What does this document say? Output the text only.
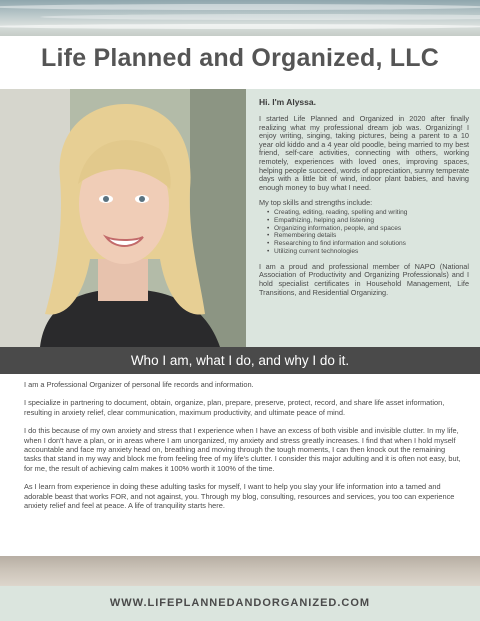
Life Planned and Organized, LLC

Hi. I'm Alyssa.

I started Life Planned and Organized in 2020 after finally realizing what my professional dream job was. Organizing! I enjoy writing, singing, taking pictures, being a parent to a 10 year old kiddo and a 4 year old poodle, being married to my best friend, self-care activities, connecting with others, working remotely, experiences with loved ones, improving spaces, helping people succeed, words of appreciation, sunny temperate days with a little bit of wind, indoor plant babies, and having enough money to buy what I need.

My top skills and strengths include:

• Creating, editing, reading, spelling and writing
• Empathizing, helping and listening
• Organizing information, people, and spaces
• Remembering details
• Researching to find information and solutions
• Utilizing current technologies

I am a proud and professional member of NAPO (National Association of Productivity and Organizing Professionals) and I hold specialist certificates in Household Management, Life Transitions, and Residential Organizing.

Who I am, what I do, and why I do it.

I am a Professional Organizer of personal life records and information.

I specialize in partnering to document, obtain, organize, plan, prepare, preserve, protect, record, and share life asset information, resulting in anxiety relief, clear communication, maximum productivity, and ultimate peace of mind.

I do this because of my own anxiety and stress that I experience when I have an excess of both visible and invisible clutter. In my life, when I don't have a plan, or in areas where I am unorganized, my anxiety and stress greatly increases. I find that when I hold myself accountable and face my anxiety head on, breathing and moving through the tough moments, I can then knock out the remaining tasks that stand in my way and block me from feeling free of my life's clutter. I consider this major adulting and it is often not easy, but, for me, the result of achieving calm makes it 100% worth it 100% of the time.

As I learn from experience in doing these adulting tasks for myself, I want to help you slay your life information into a tamed and adorable beast that works FOR, and not against, you. Through my blog, consulting, resources and services, you too can experience anxiety relief and feel at peace. A life of tranquility starts here.

WWW.LIFEPLANNEDANDORGANIZED.COM
